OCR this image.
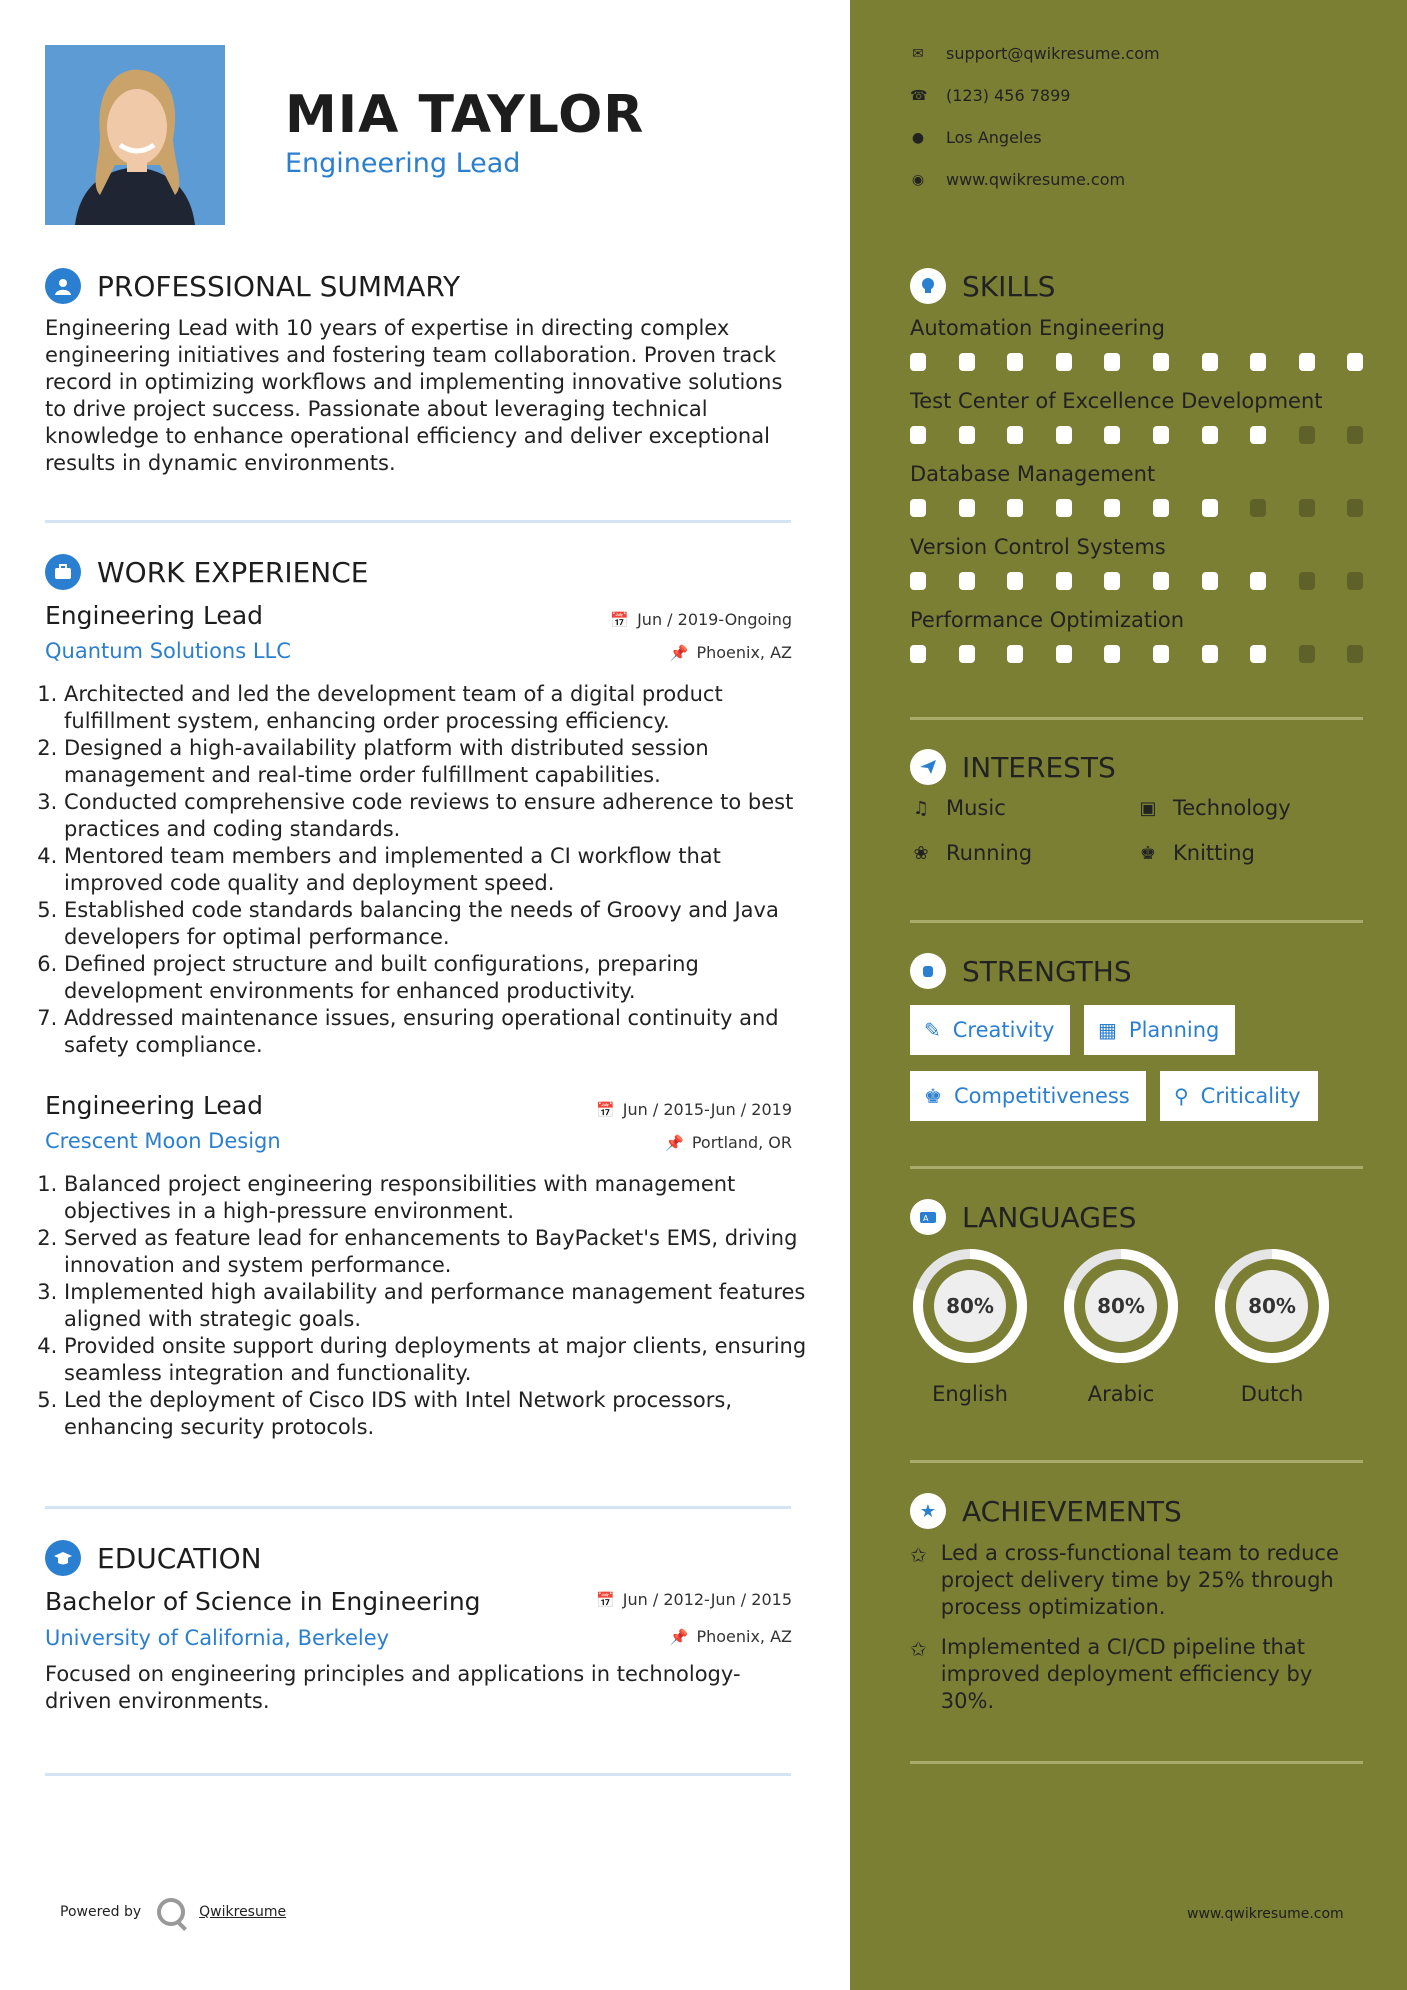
MIA TAYLOR
Engineering Lead
PROFESSIONAL SUMMARY
Engineering Lead with 10 years of expertise in directing complex engineering initiatives and fostering team collaboration. Proven track record in optimizing workflows and implementing innovative solutions to drive project success. Passionate about leveraging technical knowledge to enhance operational efficiency and deliver exceptional results in dynamic environments.
WORK EXPERIENCE
Engineering Lead
Quantum Solutions LLC
📅 Jun / 2019-Ongoing
📌 Phoenix, AZ
1. Architected and led the development team of a digital product fulfillment system, enhancing order processing efficiency.
2. Designed a high-availability platform with distributed session management and real-time order fulfillment capabilities.
3. Conducted comprehensive code reviews to ensure adherence to best practices and coding standards.
4. Mentored team members and implemented a CI workflow that improved code quality and deployment speed.
5. Established code standards balancing the needs of Groovy and Java developers for optimal performance.
6. Defined project structure and built configurations, preparing development environments for enhanced productivity.
7. Addressed maintenance issues, ensuring operational continuity and safety compliance.
Engineering Lead
Crescent Moon Design
📅 Jun / 2015-Jun / 2019
📌 Portland, OR
1. Balanced project engineering responsibilities with management objectives in a high-pressure environment.
2. Served as feature lead for enhancements to BayPacket's EMS, driving innovation and system performance.
3. Implemented high availability and performance management features aligned with strategic goals.
4. Provided onsite support during deployments at major clients, ensuring seamless integration and functionality.
5. Led the deployment of Cisco IDS with Intel Network processors, enhancing security protocols.
EDUCATION
Bachelor of Science in Engineering
University of California, Berkeley
📅 Jun / 2012-Jun / 2015
📌 Phoenix, AZ
Focused on engineering principles and applications in technology-driven environments.
Powered by	Qwikresume
✉ support@qwikresume.com
☎ (123) 456 7899
● Los Angeles
◉ www.qwikresume.com
SKILLS
Automation Engineering
Test Center of Excellence Development
Database Management
Version Control Systems
Performance Optimization
INTERESTS
♫ Music	▣ Technology
❀ Running	♚ Knitting
STRENGTHS
✎ Creativity ▦ Planning
♚ Competitiveness ⚲ Criticality
A LANGUAGES
80%
English
80%
Arabic
80%
Dutch
★ ACHIEVEMENTS
✩ Led a cross-functional team to reduce project delivery time by 25% through process optimization.
✩ Implemented a CI/CD pipeline that improved deployment efficiency by 30%.
www.qwikresume.com
